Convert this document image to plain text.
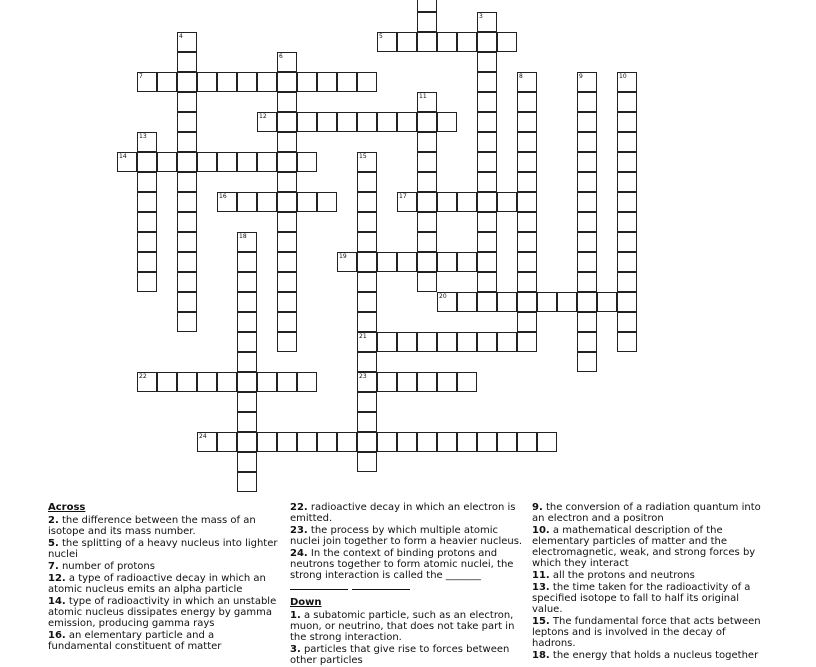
3
4	5
6
7	8	9	10
11
12
13
14	15
21
23
16	17
18
19
20
22
24
Across
2. the difference between the mass of an isotope and its mass number.
5. the splitting of a heavy nucleus into lighter nuclei
7. number of protons
12. a type of radioactive decay in which an atomic nucleus emits an alpha particle
14. type of radioactivity in which an unstable atomic nucleus dissipates energy by gamma emission, producing gamma rays
16. an elementary particle and a fundamental constituent of matter
22. radioactive decay in which an electron is emitted.
23. the process by which multiple atomic nuclei join together to form a heavier nucleus.
24. In the context of binding protons and neutrons together to form atomic nuclei, the strong interaction is called the _______

Down
1. a subatomic particle, such as an electron, muon, or neutrino, that does not take part in the strong interaction.
3. particles that give rise to forces between other particles
9. the conversion of a radiation quantum into an electron and a positron
10. a mathematical description of the elementary particles of matter and the electromagnetic, weak, and strong forces by which they interact
11. all the protons and neutrons
13. the time taken for the radioactivity of a specified isotope to fall to half its original value.
15. The fundamental force that acts between leptons and is involved in the decay of hadrons.
18. the energy that holds a nucleus together
